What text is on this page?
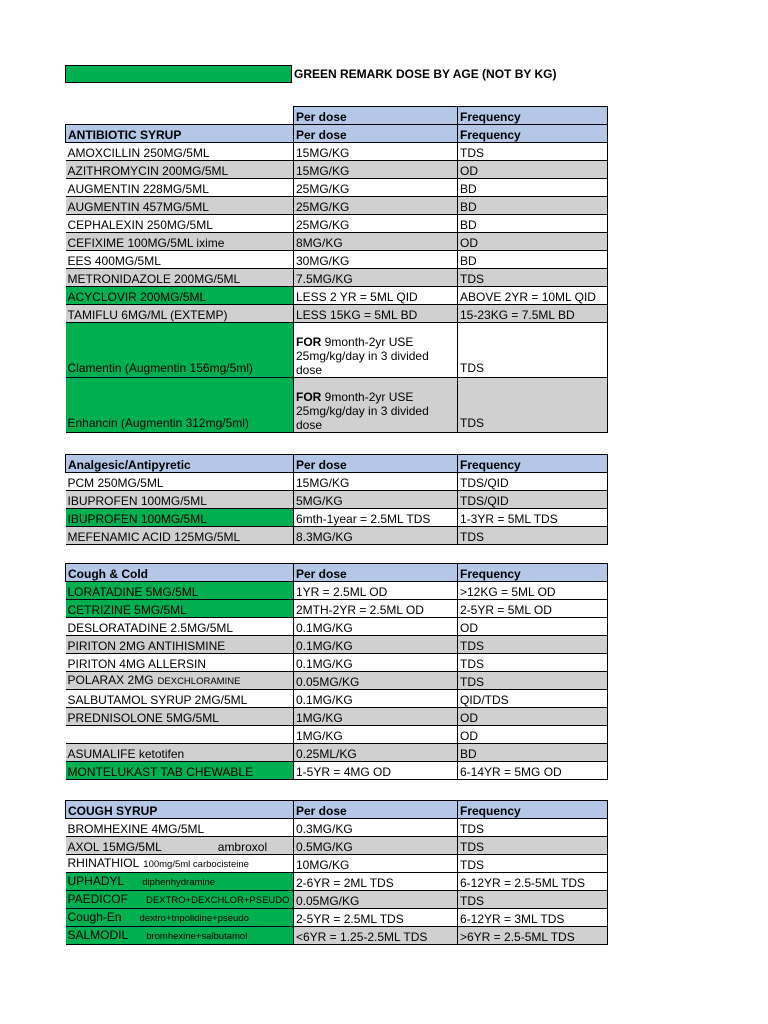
GREEN REMARK DOSE BY AGE (NOT BY KG)
	Per dose	Frequency
ANTIBIOTIC SYRUP	Per dose	Frequency
AMOXCILLIN 250MG/5ML	15MG/KG	TDS
AZITHROMYCIN 200MG/5ML	15MG/KG	OD
AUGMENTIN 228MG/5ML	25MG/KG	BD
AUGMENTIN 457MG/5ML	25MG/KG	BD
CEPHALEXIN 250MG/5ML	25MG/KG	BD
CEFIXIME 100MG/5ML ixime	8MG/KG	OD
EES 400MG/5ML	30MG/KG	BD
METRONIDAZOLE 200MG/5ML	7.5MG/KG	TDS
ACYCLOVIR 200MG/5ML	LESS 2 YR = 5ML QID	ABOVE 2YR = 10ML QID
TAMIFLU 6MG/ML (EXTEMP)	LESS 15KG = 5ML BD	15-23KG = 7.5ML BD
Clamentin (Augmentin 156mg/5ml)	FOR 9month-2yr USE 25mg/kg/day in 3 divided dose	TDS
Enhancin (Augmentin 312mg/5ml)	FOR 9month-2yr USE 25mg/kg/day in 3 divided dose	TDS
Analgesic/Antipyretic	Per dose	Frequency
PCM 250MG/5ML	15MG/KG	TDS/QID
IBUPROFEN 100MG/5ML	5MG/KG	TDS/QID
IBUPROFEN 100MG/5ML	6mth-1year = 2.5ML TDS	1-3YR = 5ML TDS
MEFENAMIC ACID 125MG/5ML	8.3MG/KG	TDS
Cough & Cold	Per dose	Frequency
LORATADINE 5MG/5ML	1YR = 2.5ML OD	>12KG = 5ML OD
CETRIZINE 5MG/5ML	2MTH-2YR = 2.5ML OD	2-5YR = 5ML OD
DESLORATADINE 2.5MG/5ML	0.1MG/KG	OD
PIRITON 2MG ANTIHISMINE	0.1MG/KG	TDS
PIRITON 4MG ALLERSIN	0.1MG/KG	TDS
POLARAX 2MG DEXCHLORAMINE	0.05MG/KG	TDS
SALBUTAMOL SYRUP 2MG/5ML	0.1MG/KG	QID/TDS
PREDNISOLONE 5MG/5ML	1MG/KG	OD
	1MG/KG	OD
ASUMALIFE ketotifen	0.25ML/KG	BD
MONTELUKAST TAB CHEWABLE	1-5YR = 4MG OD	6-14YR = 5MG OD
COUGH SYRUP	Per dose	Frequency
BROMHEXINE 4MG/5ML	0.3MG/KG	TDS
AXOL 15MG/5ML ambroxol	0.5MG/KG	TDS
RHINATHIOL 100mg/5ml carbocisteine	10MG/KG	TDS
UPHADYL diphenhydramine	2-6YR = 2ML TDS	6-12YR = 2.5-5ML TDS
PAEDICOF DEXTRO+DEXCHLOR+PSEUDO	0.05MG/KG	TDS
Cough-En dextro+tripolidine+pseudo	2-5YR = 2.5ML TDS	6-12YR = 3ML TDS
SALMODIL bromhexine+salbutamol	<6YR = 1.25-2.5ML TDS	>6YR = 2.5-5ML TDS
